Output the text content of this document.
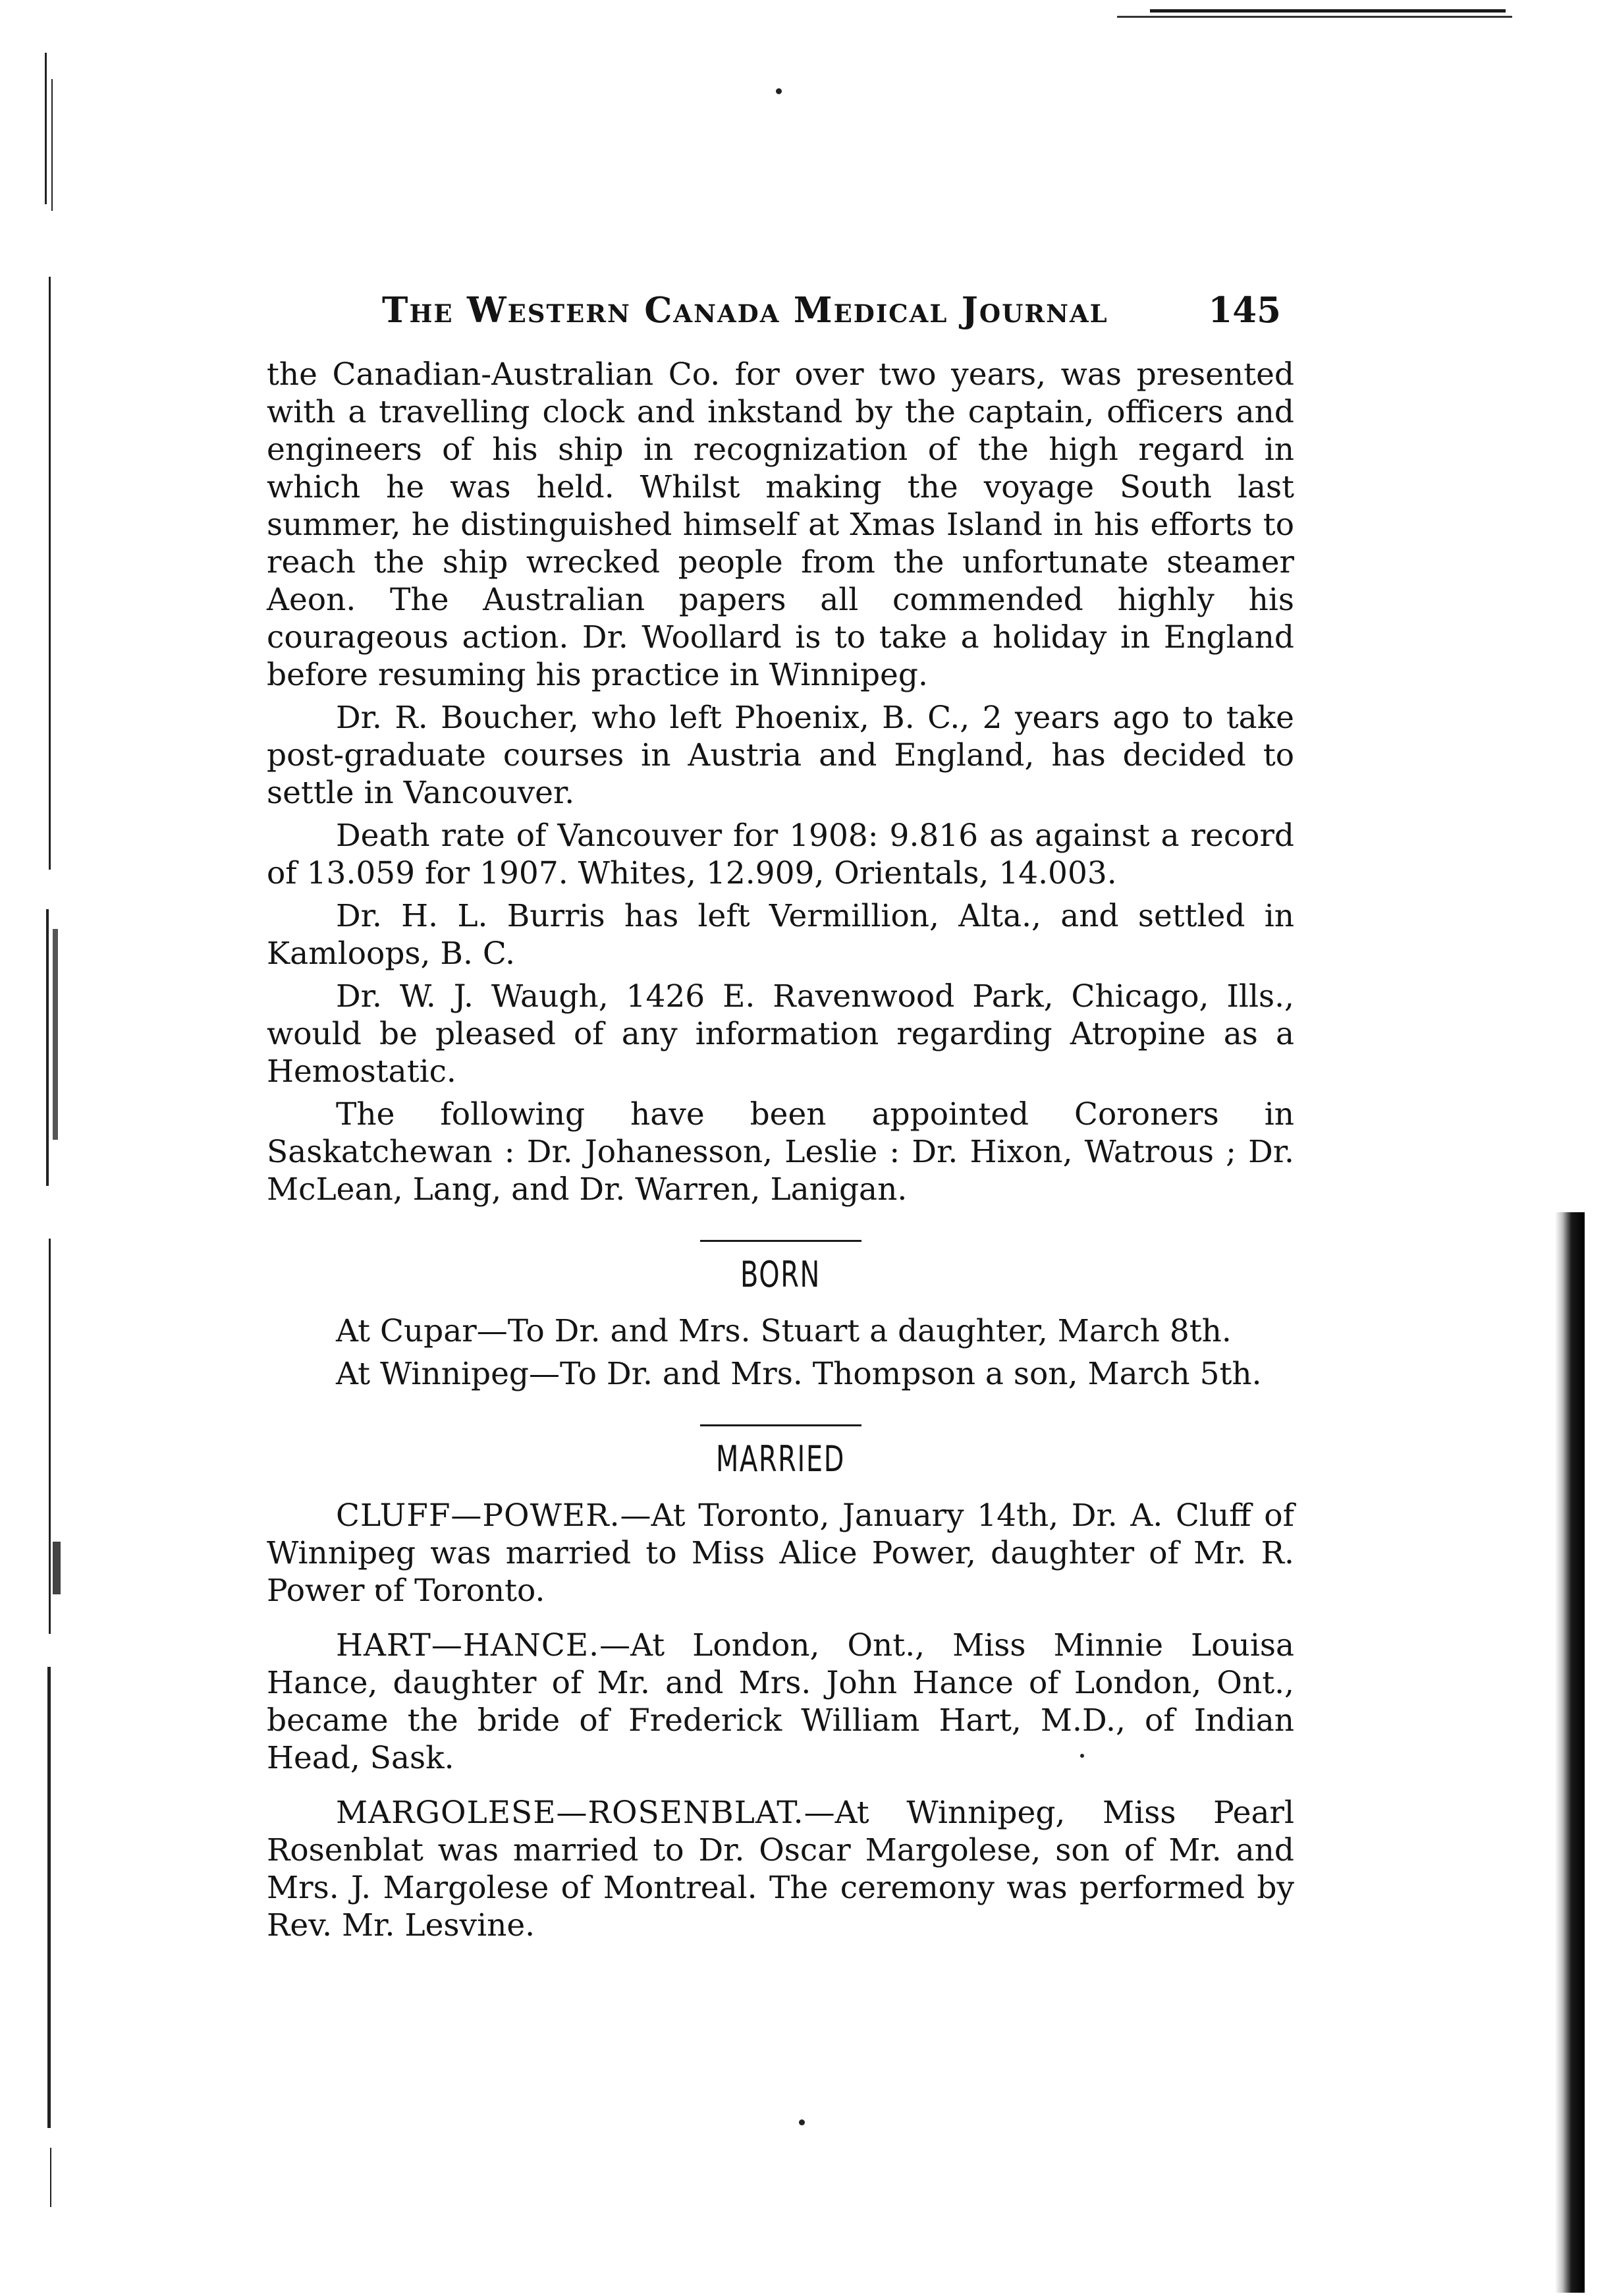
The Western Canada Medical Journal	145

the Canadian-Australian Co. for over two years, was presented with a travelling clock and inkstand by the captain, officers and engineers of his ship in recognization of the high regard in which he was held. Whilst making the voyage South last summer, he distinguished himself at Xmas Island in his efforts to reach the ship wrecked people from the unfortunate steamer Aeon. The Australian papers all commended highly his courageous action. Dr. Woollard is to take a holiday in England before resuming his practice in Winnipeg.

Dr. R. Boucher, who left Phoenix, B. C., 2 years ago to take post-graduate courses in Austria and England, has decided to settle in Vancouver.

Death rate of Vancouver for 1908: 9.816 as against a record of 13.059 for 1907. Whites, 12.909, Orientals, 14.003.

Dr. H. L. Burris has left Vermillion, Alta., and settled in Kamloops, B. C.

Dr. W. J. Waugh, 1426 E. Ravenwood Park, Chicago, Ills., would be pleased of any information regarding Atropine as a Hemostatic.

The following have been appointed Coroners in Saskatchewan : Dr. Johanesson, Leslie : Dr. Hixon, Watrous ; Dr. McLean, Lang, and Dr. Warren, Lanigan.

BORN

At Cupar—To Dr. and Mrs. Stuart a daughter, March 8th.

At Winnipeg—To Dr. and Mrs. Thompson a son, March 5th.

MARRIED

CLUFF—POWER.—At Toronto, January 14th, Dr. A. Cluff of Winnipeg was married to Miss Alice Power, daughter of Mr. R. Power of Toronto.

HART—HANCE.—At London, Ont., Miss Minnie Louisa Hance, daughter of Mr. and Mrs. John Hance of London, Ont., became the bride of Frederick William Hart, M.D., of Indian Head, Sask.

MARGOLESE—ROSENBLAT.—At Winnipeg, Miss Pearl Rosenblat was married to Dr. Oscar Margolese, son of Mr. and Mrs. J. Margolese of Montreal. The ceremony was performed by Rev. Mr. Lesvine.
